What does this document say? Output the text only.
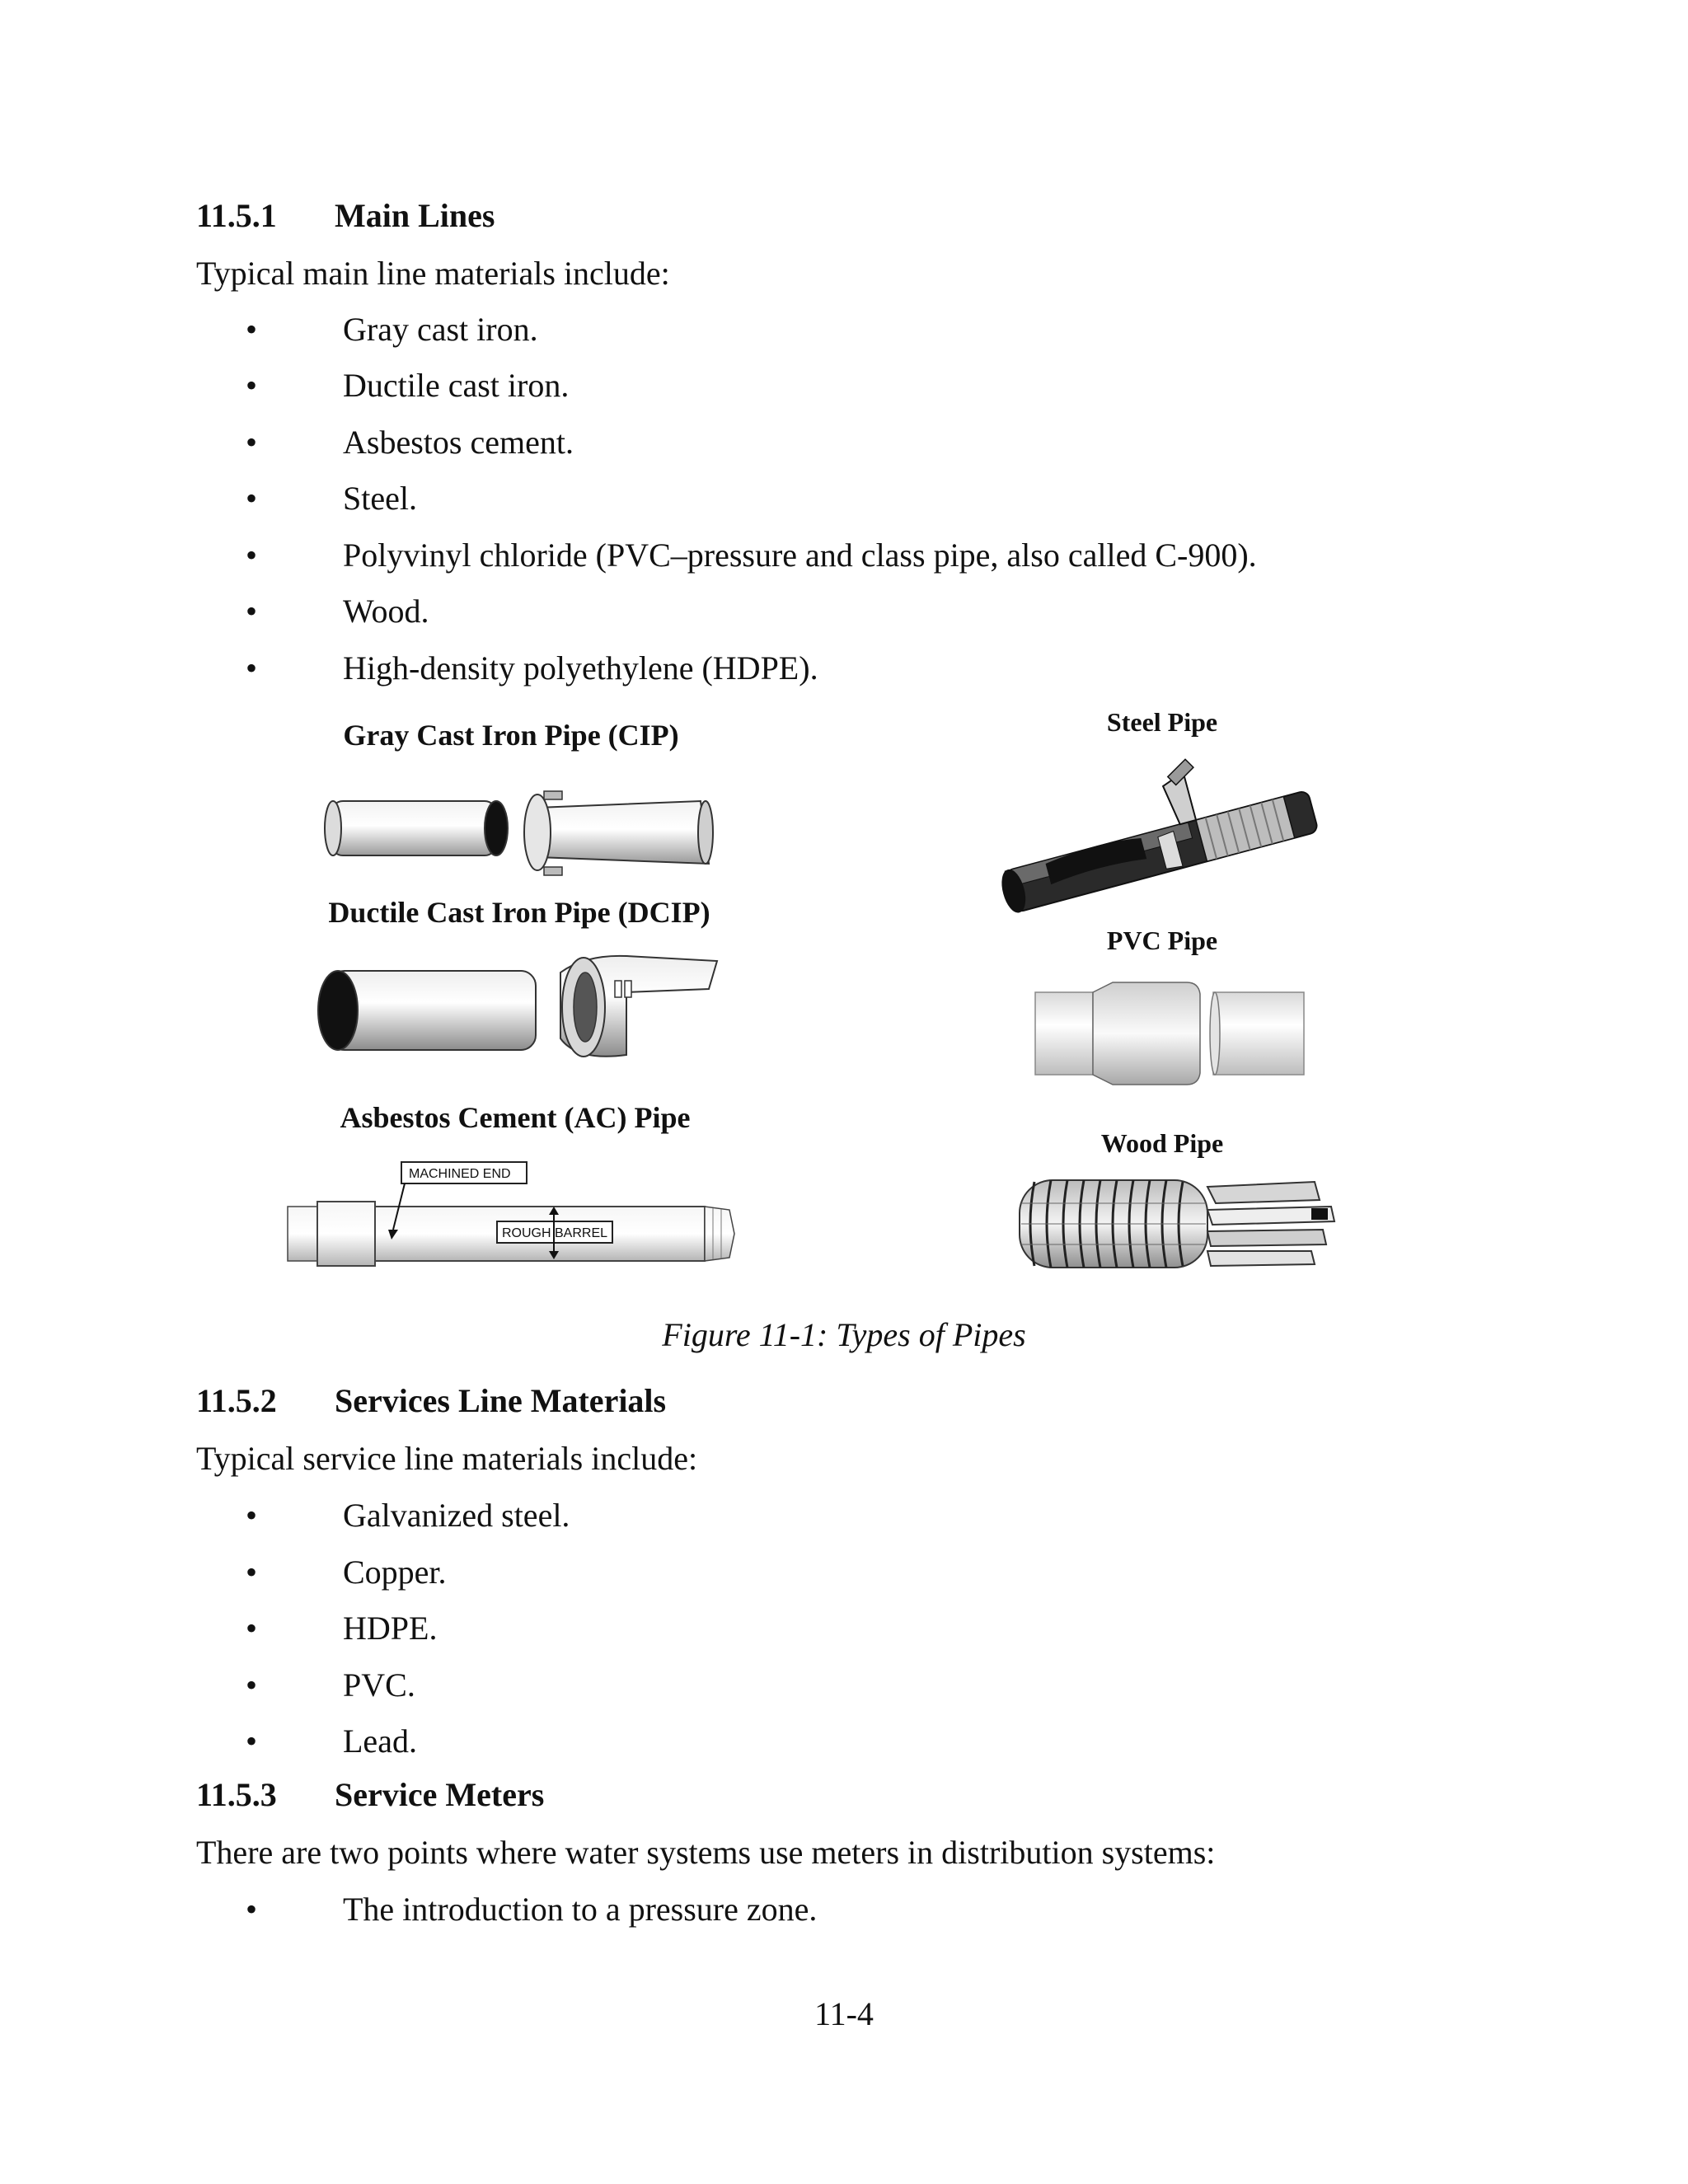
11.5.1 Main Lines
Typical main line materials include:
•	Gray cast iron.
•	Ductile cast iron.
•	Asbestos cement.
•	Steel.
•	Polyvinyl chloride (PVC–pressure and class pipe, also called C-900).
•	Wood.
•	High-density polyethylene (HDPE).
Gray Cast Iron Pipe (CIP)	Steel Pipe
Ductile Cast Iron Pipe (DCIP)
PVC Pipe
Asbestos Cement (AC) Pipe
Wood Pipe
MACHINED END
ROUGH BARREL
Figure 11-1: Types of Pipes
11.5.2 Services Line Materials
Typical service line materials include:
•	Galvanized steel.
•	Copper.
•	HDPE.
•	PVC.
•	Lead.
11.5.3 Service Meters
There are two points where water systems use meters in distribution systems:
•	The introduction to a pressure zone.
11-4
